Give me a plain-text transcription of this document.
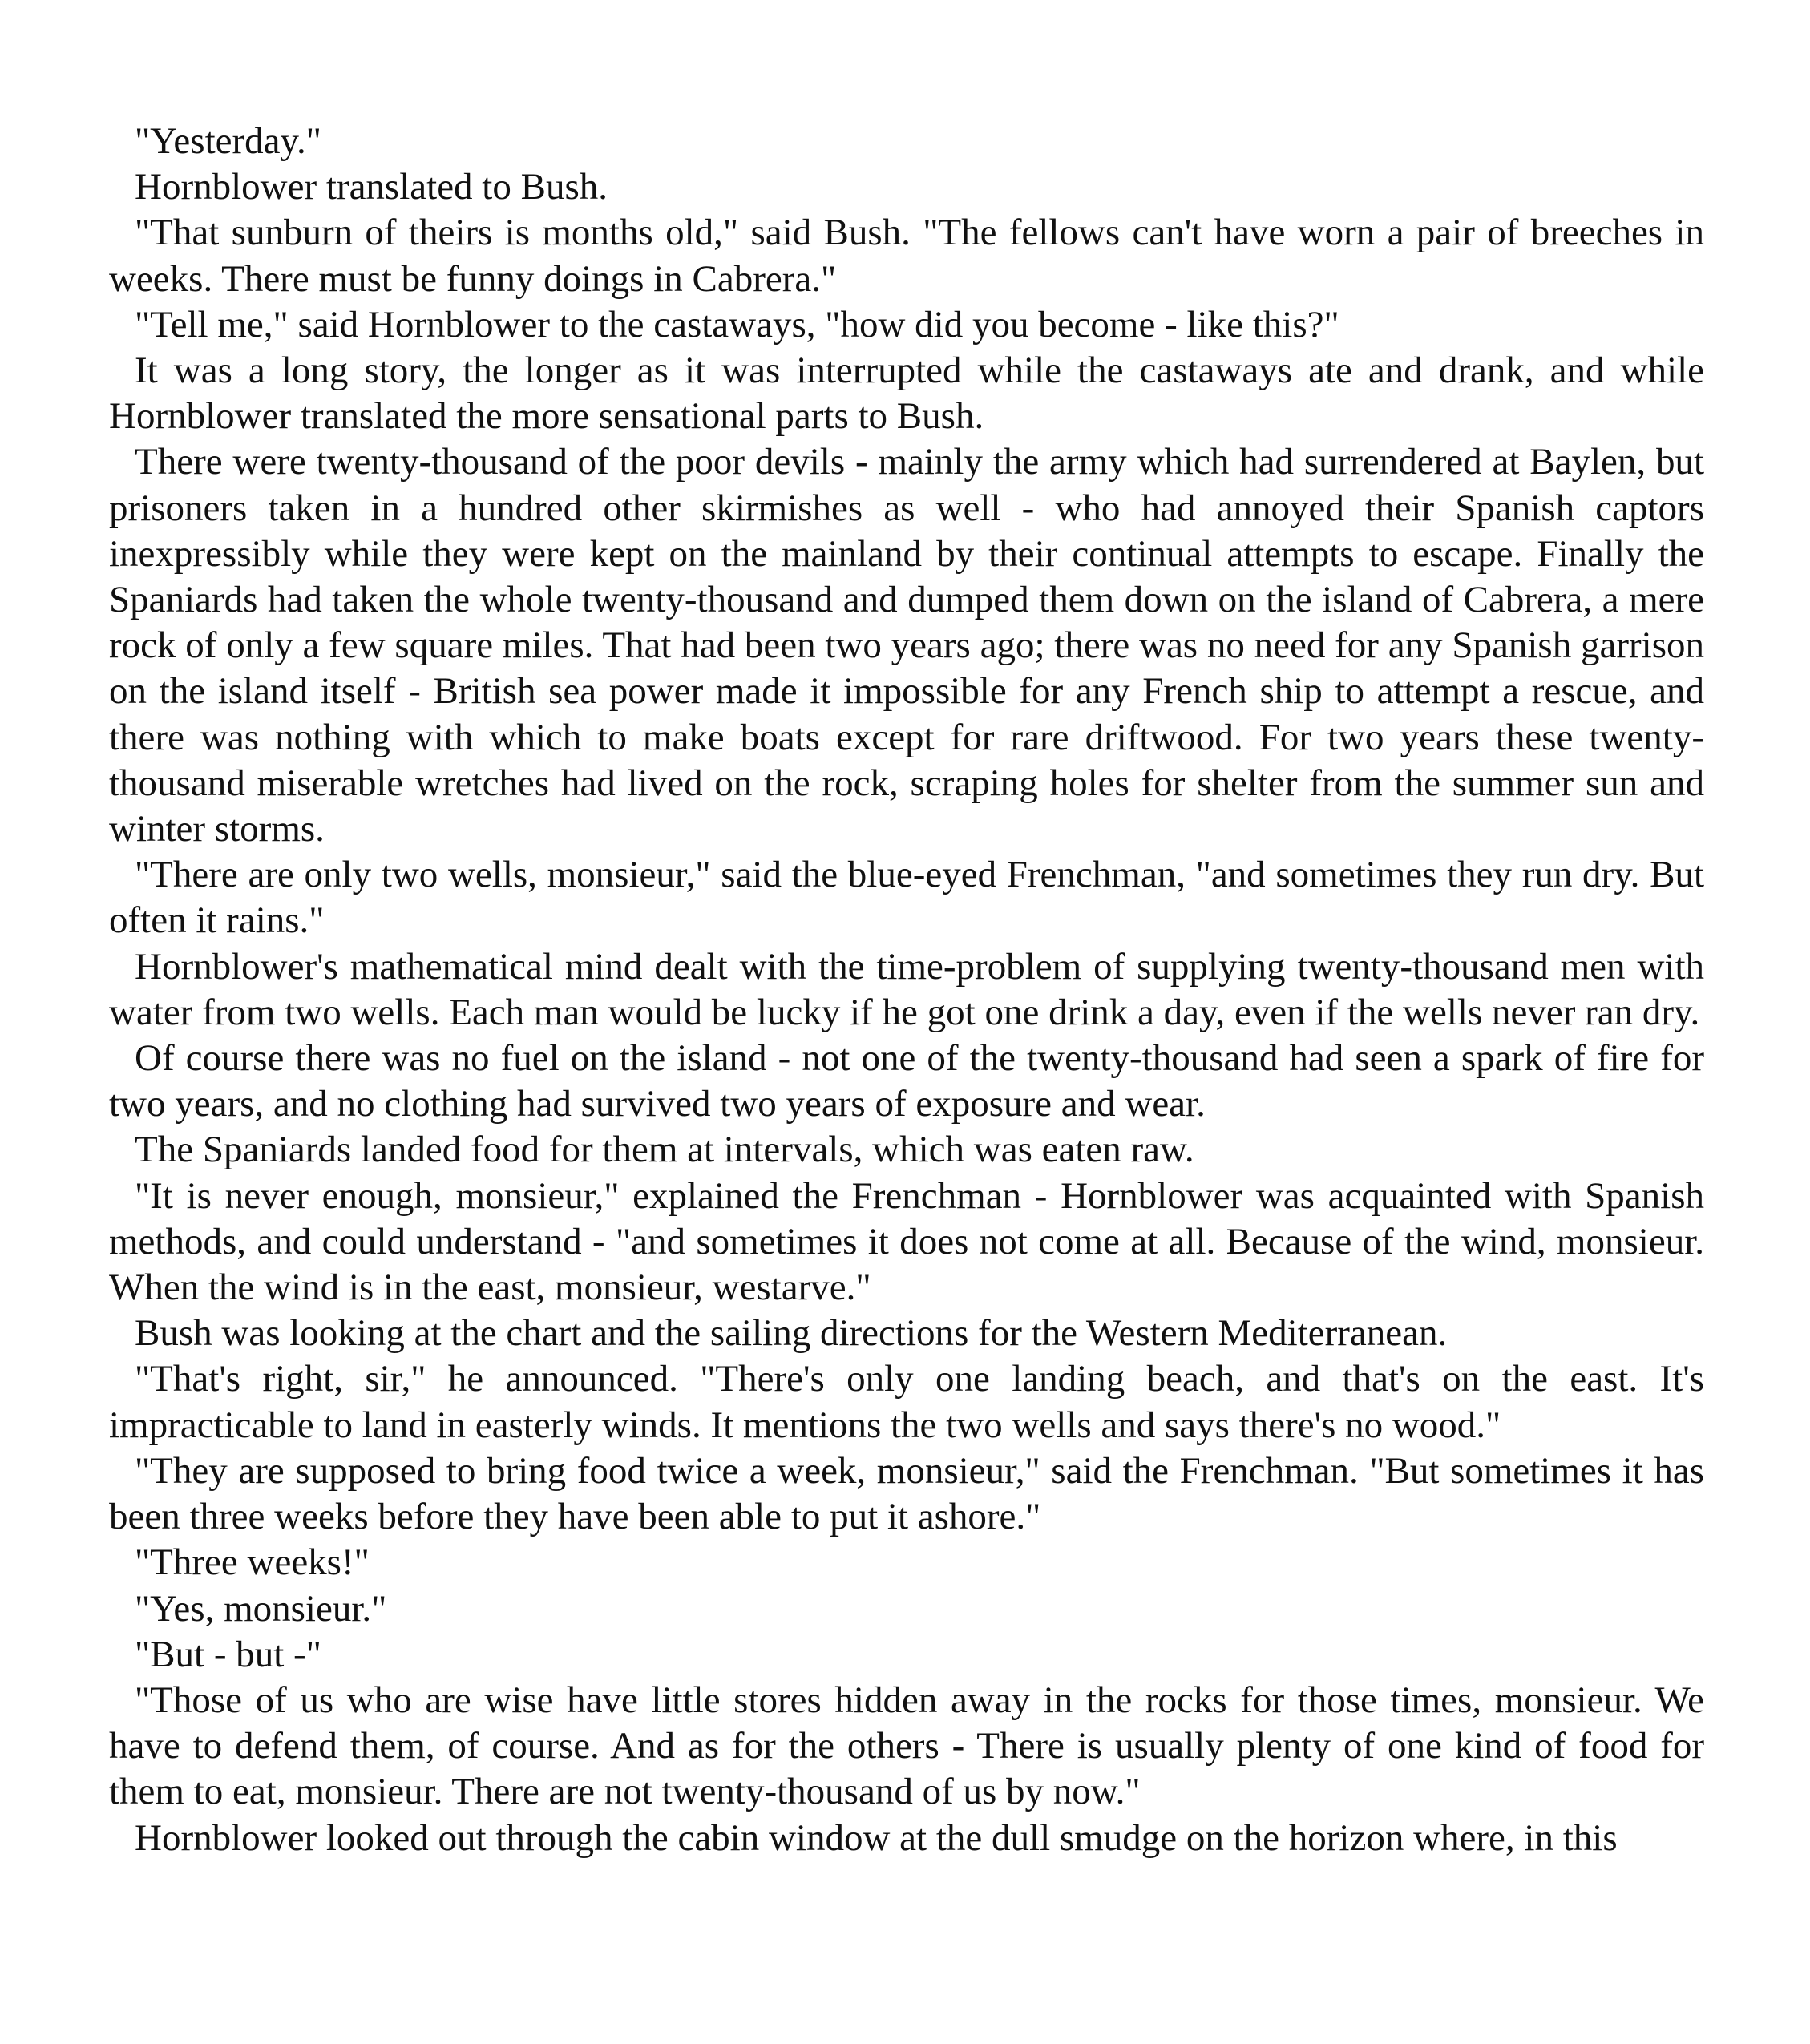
"Yesterday."

Hornblower translated to Bush.

"That sunburn of theirs is months old," said Bush. "The fellows can't have worn a pair of breeches in weeks. There must be funny doings in Cabrera."

"Tell me," said Hornblower to the castaways, "how did you become - like this?"

It was a long story, the longer as it was interrupted while the castaways ate and drank, and while Hornblower translated the more sensational parts to Bush.

There were twenty-thousand of the poor devils - mainly the army which had surrendered at Baylen, but prisoners taken in a hundred other skirmishes as well - who had annoyed their Spanish captors inexpressibly while they were kept on the mainland by their continual attempts to escape. Finally the Spaniards had taken the whole twenty-thousand and dumped them down on the island of Cabrera, a mere rock of only a few square miles. That had been two years ago; there was no need for any Spanish garrison on the island itself - British sea power made it impossible for any French ship to attempt a rescue, and there was nothing with which to make boats except for rare driftwood. For two years these twenty-thousand miserable wretches had lived on the rock, scraping holes for shelter from the summer sun and winter storms.

"There are only two wells, monsieur," said the blue-eyed Frenchman, "and sometimes they run dry. But often it rains."

Hornblower's mathematical mind dealt with the time-problem of supplying twenty-thousand men with water from two wells. Each man would be lucky if he got one drink a day, even if the wells never ran dry.

Of course there was no fuel on the island - not one of the twenty-thousand had seen a spark of fire for two years, and no clothing had survived two years of exposure and wear.

The Spaniards landed food for them at intervals, which was eaten raw.

"It is never enough, monsieur," explained the Frenchman - Hornblower was acquainted with Spanish methods, and could understand - "and sometimes it does not come at all. Because of the wind, monsieur. When the wind is in the east, monsieur, westarve."

Bush was looking at the chart and the sailing directions for the Western Mediterranean.

"That's right, sir," he announced. "There's only one landing beach, and that's on the east. It's impracticable to land in easterly winds. It mentions the two wells and says there's no wood."

"They are supposed to bring food twice a week, monsieur," said the Frenchman. "But sometimes it has been three weeks before they have been able to put it ashore."

"Three weeks!"

"Yes, monsieur."

"But - but -"

"Those of us who are wise have little stores hidden away in the rocks for those times, monsieur. We have to defend them, of course. And as for the others - There is usually plenty of one kind of food for them to eat, monsieur. There are not twenty-thousand of us by now."

Hornblower looked out through the cabin window at the dull smudge on the horizon where, in this
